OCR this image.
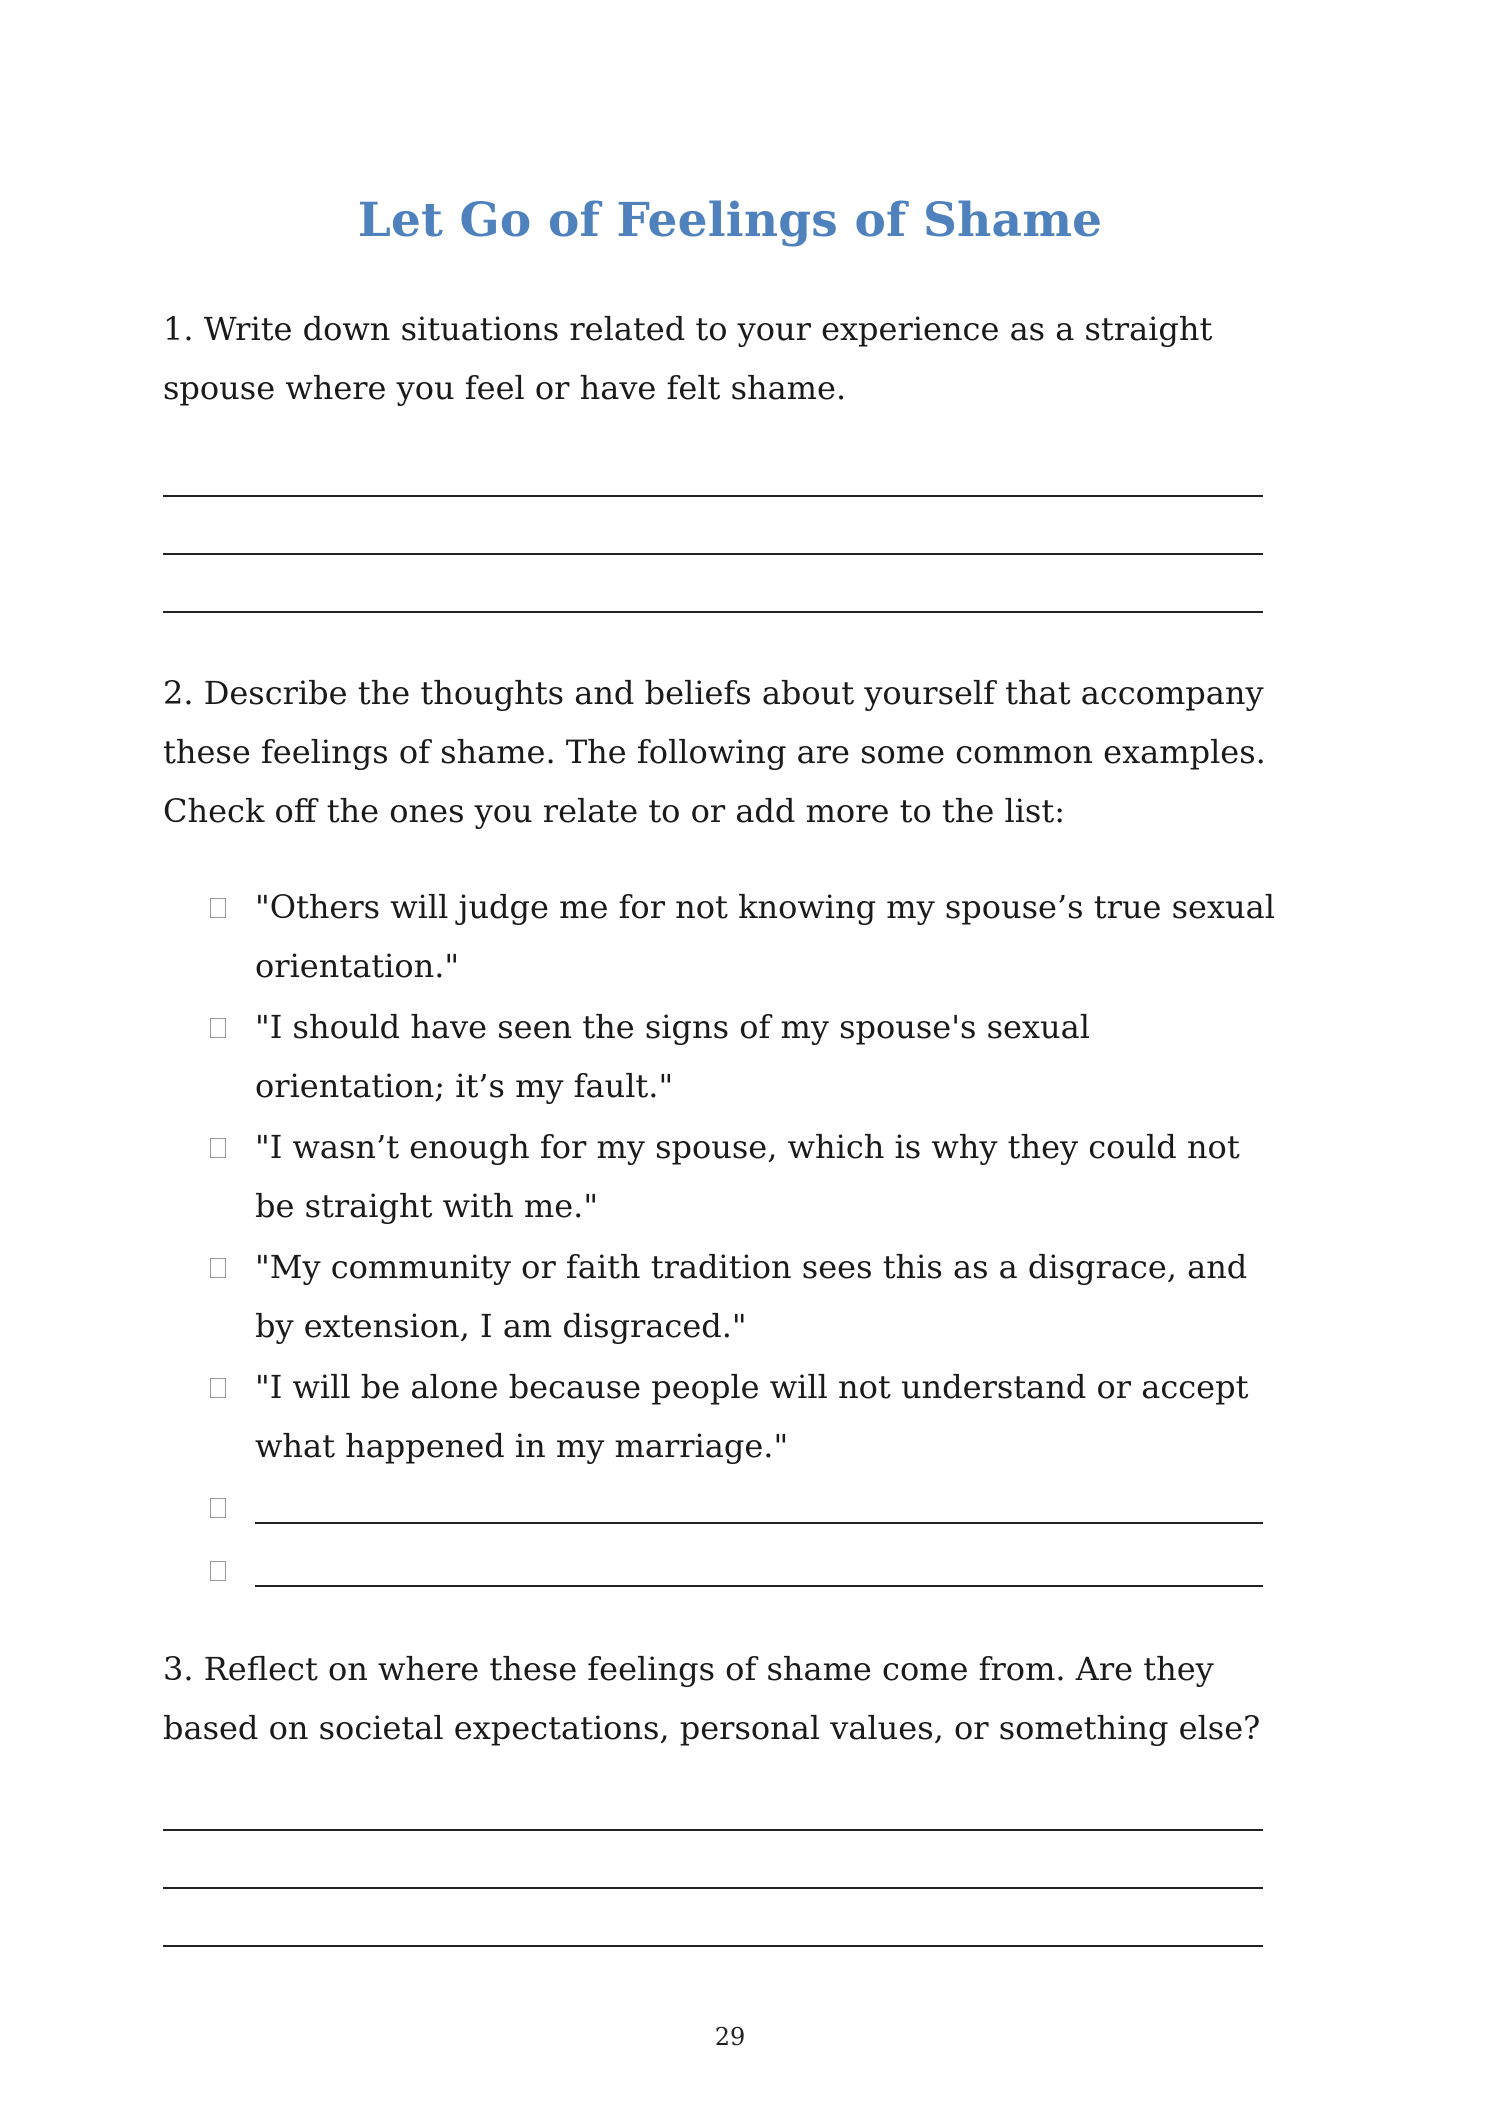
Let Go of Feelings of Shame

1. Write down situations related to your experience as a straight spouse where you feel or have felt shame.

2. Describe the thoughts and beliefs about yourself that accompany these feelings of shame. The following are some common examples. Check off the ones you relate to or add more to the list:

"Others will judge me for not knowing my spouse’s true sexual orientation."
"I should have seen the signs of my spouse's sexual orientation; it’s my fault."
"I wasn’t enough for my spouse, which is why they could not be straight with me."
"My community or faith tradition sees this as a disgrace, and by extension, I am disgraced."
"I will be alone because people will not understand or accept what happened in my marriage."

3. Reflect on where these feelings of shame come from. Are they based on societal expectations, personal values, or something else?

29
